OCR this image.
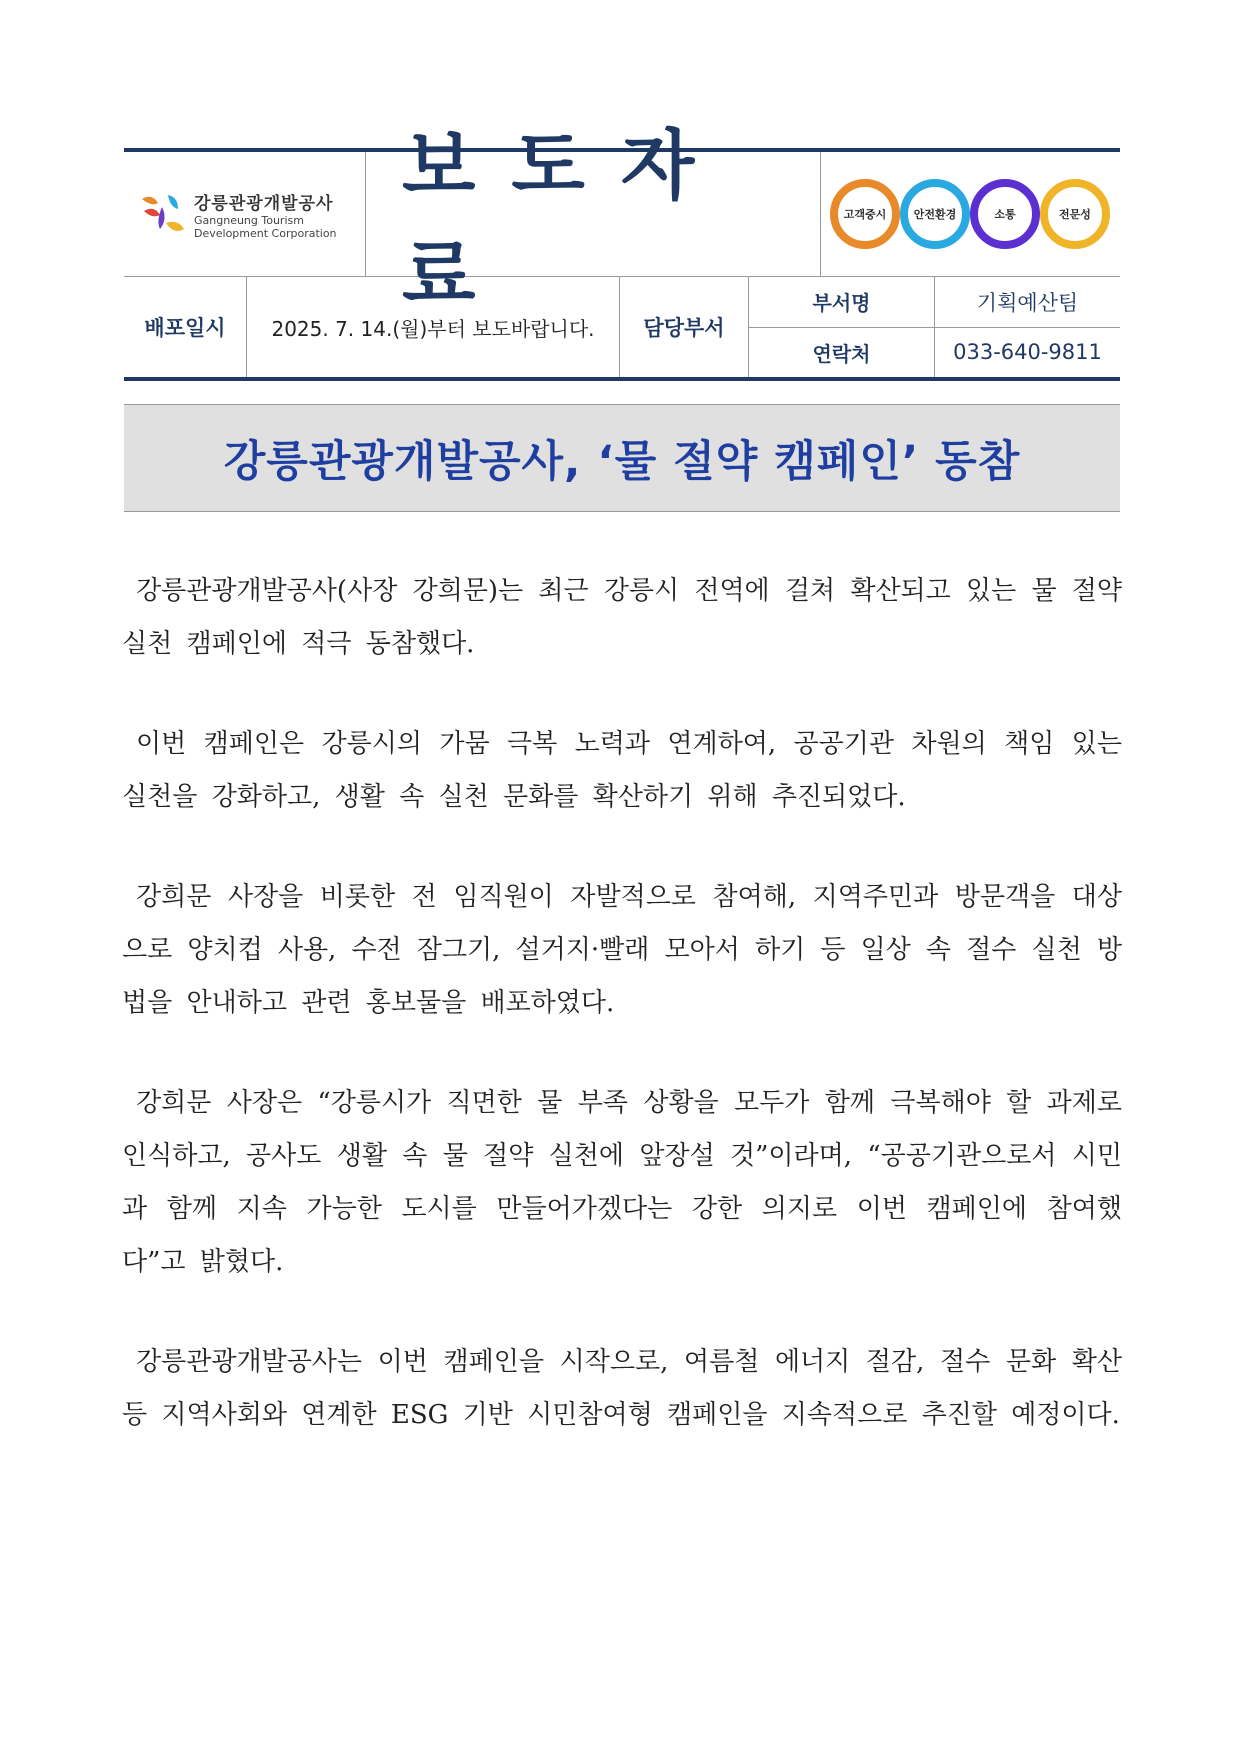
강릉관광개발공사
Gangneung Tourism
Development Corporation
보도자료
고객중시 안전환경	소통	전문성
배포일시	2025. 7. 14.(월)부터 보도바랍니다.	담당부서
부서명	기획예산팀
연락처	033-640-9811
강릉관광개발공사, ‘물 절약 캠페인’ 동참

강릉관광개발공사(사장 강희문)는 최근 강릉시 전역에 걸쳐 확산되고 있는 물 절약 실천 캠페인에 적극 동참했다.

이번 캠페인은 강릉시의 가뭄 극복 노력과 연계하여, 공공기관 차원의 책임 있는 실천을 강화하고, 생활 속 실천 문화를 확산하기 위해 추진되었다.

강희문 사장을 비롯한 전 임직원이 자발적으로 참여해, 지역주민과 방문객을 대상으로 양치컵 사용, 수전 잠그기, 설거지·빨래 모아서 하기 등 일상 속 절수 실천 방법을 안내하고 관련 홍보물을 배포하였다.

강희문 사장은 “강릉시가 직면한 물 부족 상황을 모두가 함께 극복해야 할 과제로 인식하고, 공사도 생활 속 물 절약 실천에 앞장설 것”이라며, “공공기관으로서 시민과 함께 지속 가능한 도시를 만들어가겠다는 강한 의지로 이번 캠페인에 참여했다”고 밝혔다.

강릉관광개발공사는 이번 캠페인을 시작으로, 여름철 에너지 절감, 절수 문화 확산 등 지역사회와 연계한 ESG 기반 시민참여형 캠페인을 지속적으로 추진할 예정이다.
